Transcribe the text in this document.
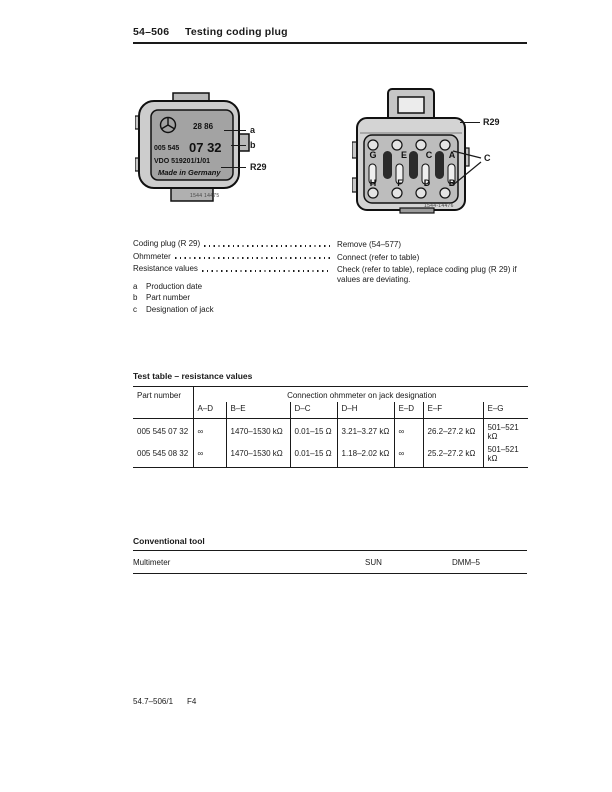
54–506 Testing coding plug
28 86
005 545 07 32
VDO 519201/1/01
Made in Germany
a
b
R29
1544 14475
G	E C A
H F D B
R29
C
1544-14476
Coding plug (R 29)	Remove (54–577)
Ohmmeter	Connect (refer to table)
Resistance values	Check (refer to table), replace coding plug (R 29) if values are deviating.
a	Production date
b	Part number
c	Designation of jack
Test table – resistance values
Part number	Connection ohmmeter on jack designation						
	A–D	B–E	D–C	D–H	E–D	E–F	E–G
005 545 07 32	∞	1470–1530 kΩ	0.01–15 Ω	3.21–3.27 kΩ	∞	26.2–27.2 kΩ	501–521 kΩ
005 545 08 32	∞	1470–1530 kΩ	0.01–15 Ω	1.18–2.02 kΩ	∞	25.2–27.2 kΩ	501–521 kΩ
Conventional tool
Multimeter	SUN	DMM–5
54.7–506/1 F4
